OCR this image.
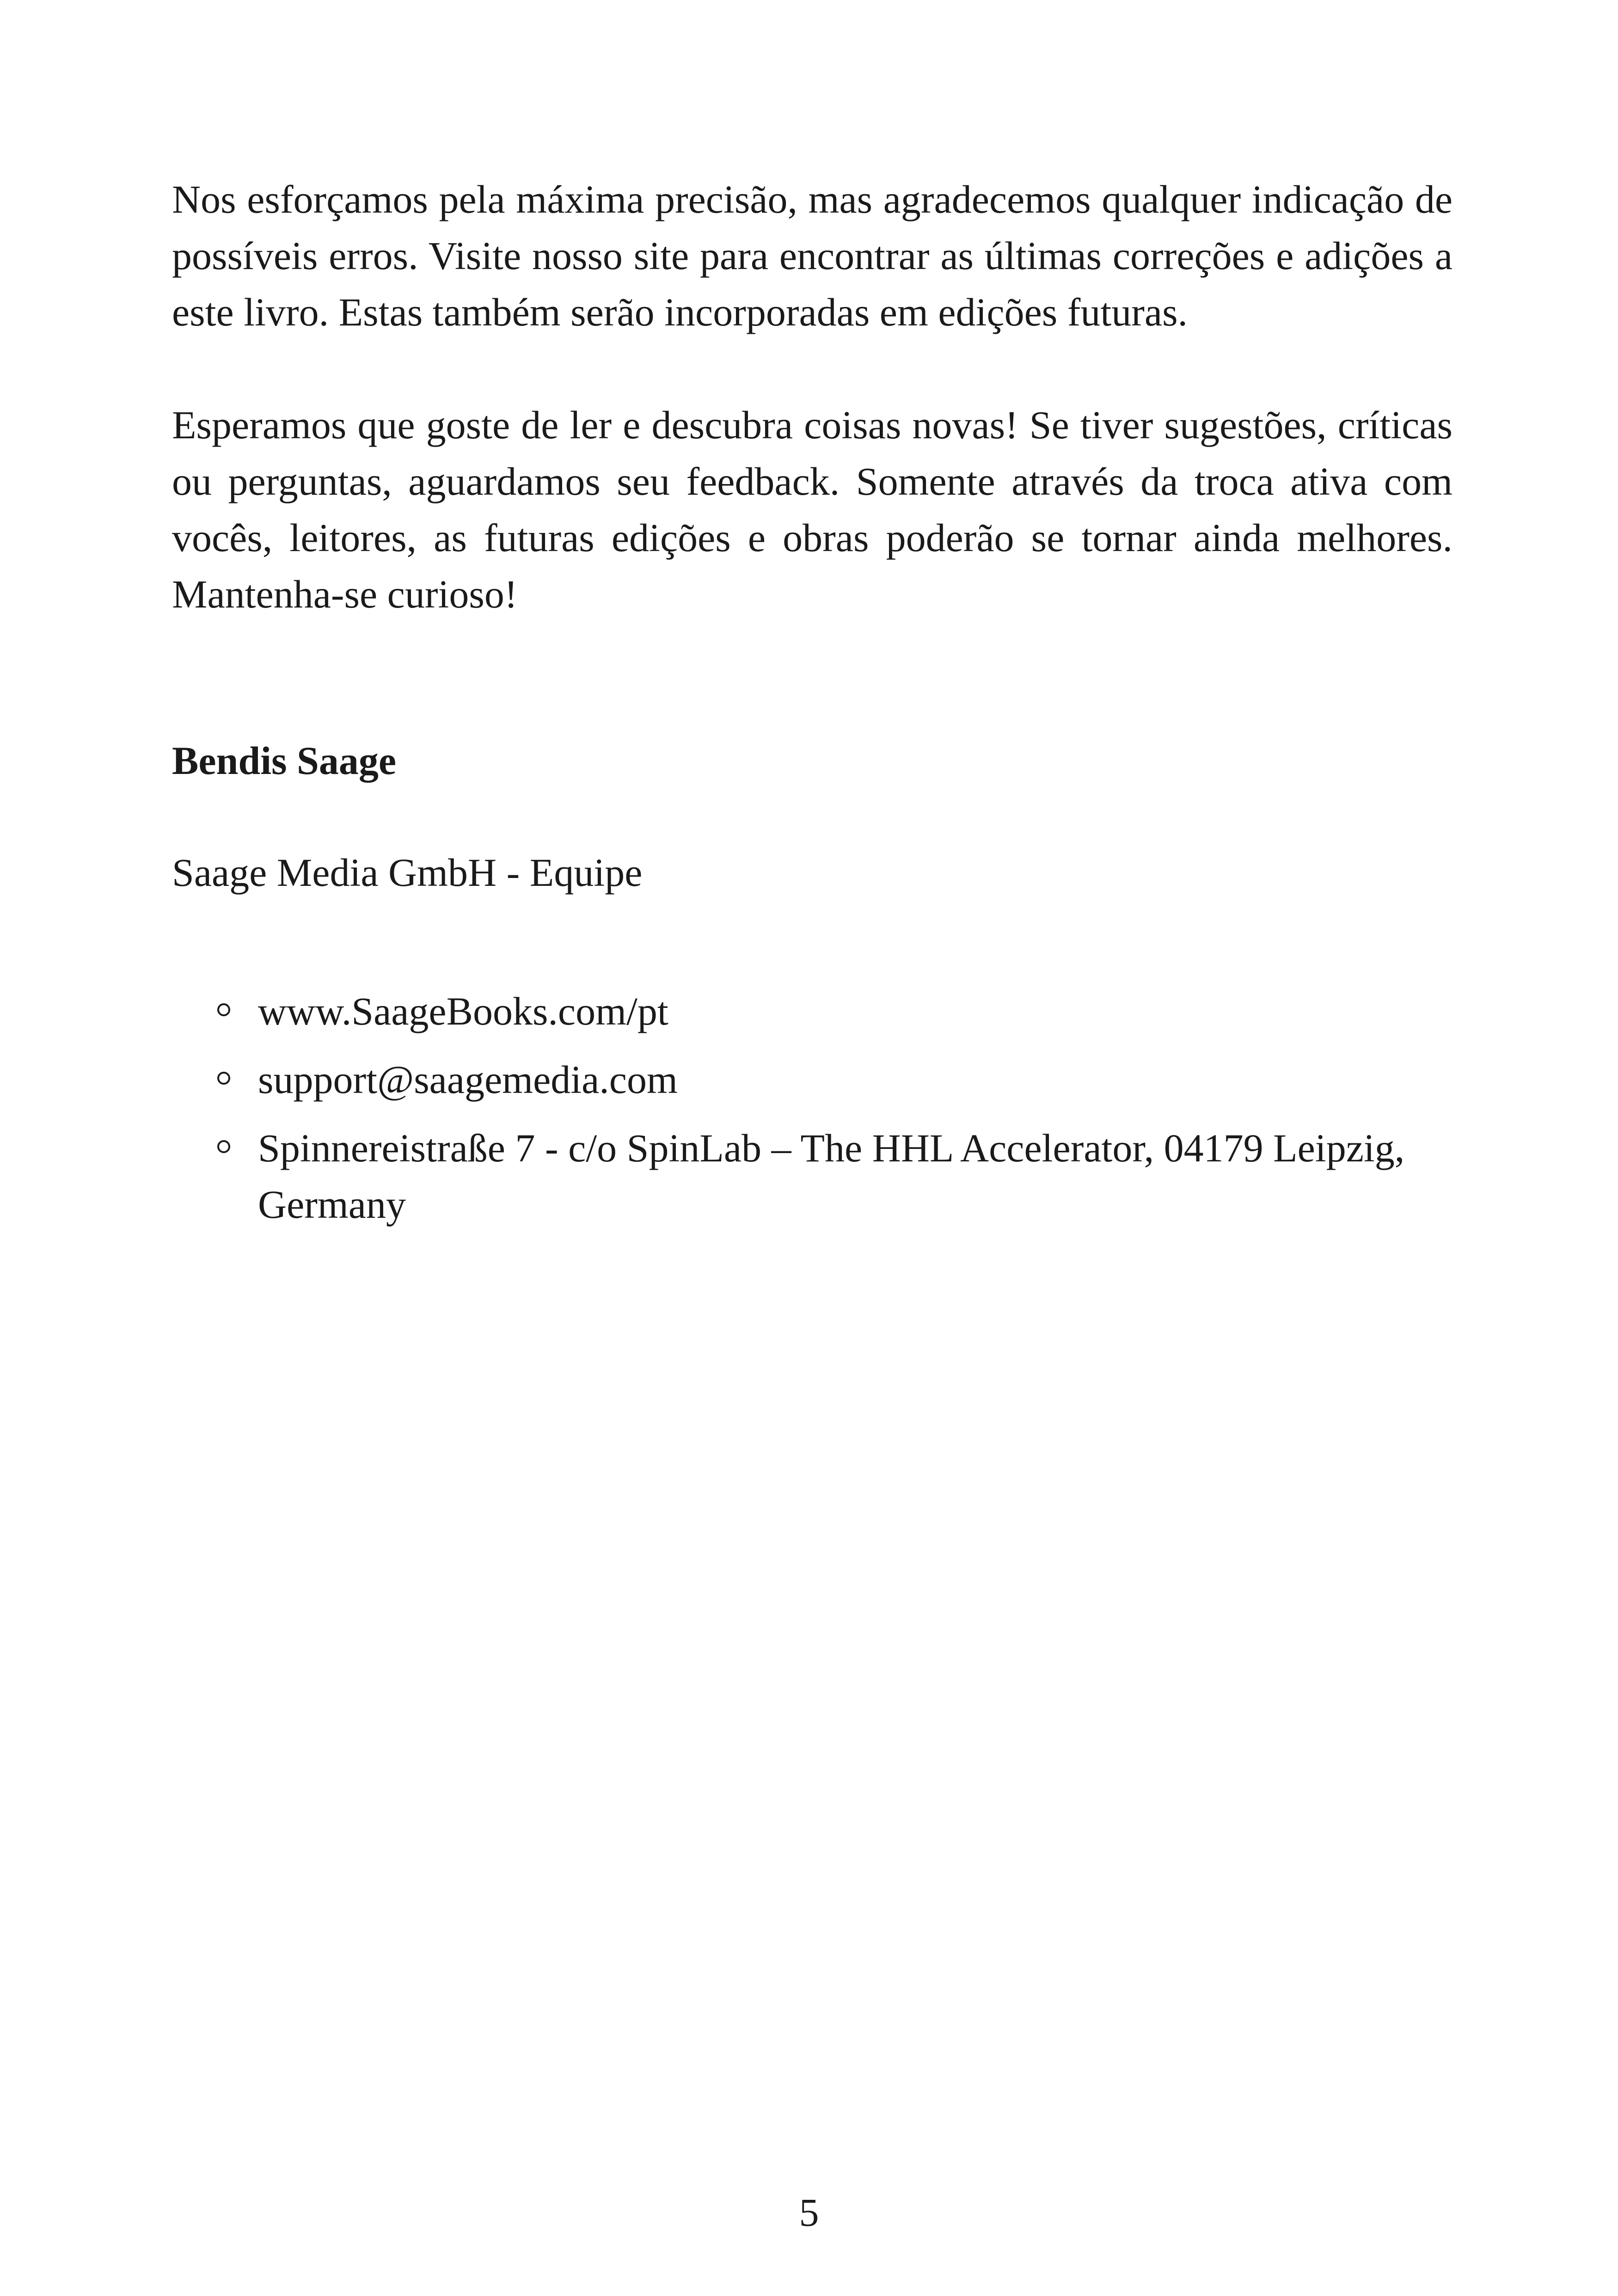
Nos esforçamos pela máxima precisão, mas agradecemos qualquer indicação de possíveis erros. Visite nosso site para encontrar as últimas correções e adições a este livro. Estas também serão incorporadas em edições futuras.

Esperamos que goste de ler e descubra coisas novas! Se tiver sugestões, críticas ou perguntas, aguardamos seu feedback. Somente através da troca ativa com vocês, leitores, as futuras edições e obras poderão se tornar ainda melhores. Mantenha-se curioso!

Bendis Saage

Saage Media GmbH - Equipe

www.SaageBooks.com/pt
support@saagemedia.com
Spinnereistraße 7 - c/o SpinLab – The HHL Accelerator, 04179 Leipzig, Germany
5
